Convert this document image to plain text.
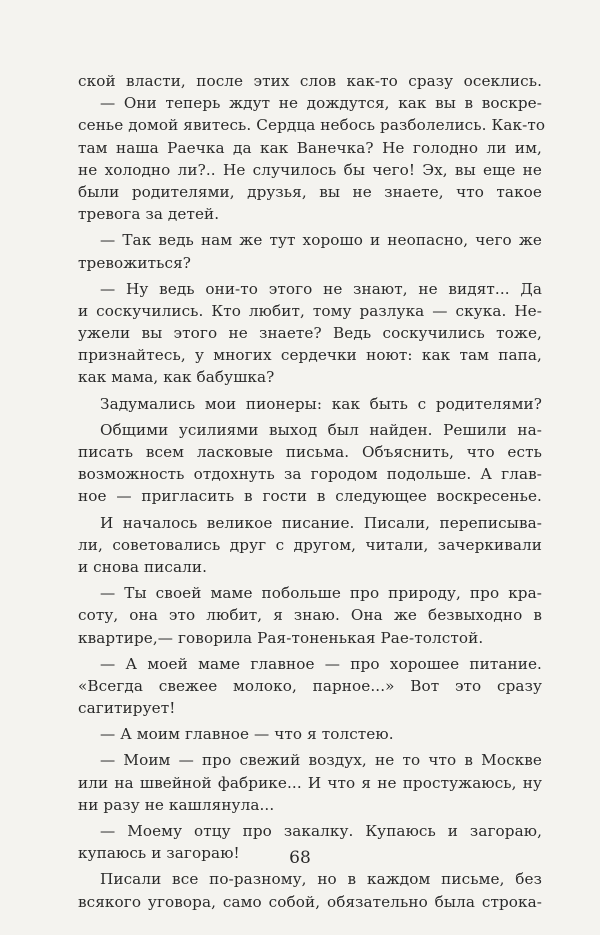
ской власти, после этих слов как-то сразу осеклись.
— Они теперь ждут не дождутся, как вы в воскре-
сенье домой явитесь. Сердца небось разболелись. Как-то
там наша Раечка да как Ванечка? Не голодно ли им,
не холодно ли?.. Не случилось бы чего! Эх, вы еще не
были родителями, друзья, вы не знаете, что такое
тревога за детей.
— Так ведь нам же тут хорошо и неопасно, чего же
тревожиться?
— Ну ведь они-то этого не знают, не видят... Да
и соскучились. Кто любит, тому разлука — скука. Не-
ужели вы этого не знаете? Ведь соскучились тоже,
признайтесь, у многих сердечки ноют: как там папа,
как мама, как бабушка?
Задумались мои пионеры: как быть с родителями?
Общими усилиями выход был найден. Решили на-
писать всем ласковые письма. Объяснить, что есть
возможность отдохнуть за городом подольше. А глав-
ное — пригласить в гости в следующее воскресенье.
И началось великое писание. Писали, переписыва-
ли, советовались друг с другом, читали, зачеркивали
и снова писали.
— Ты своей маме побольше про природу, про кра-
соту, она это любит, я знаю. Она же безвыходно в
квартире,— говорила Рая-тоненькая Рае-толстой.
— А моей маме главное — про хорошее питание.
«Всегда свежее молоко, парное...» Вот это сразу
сагитирует!
— А моим главное — что я толстею.
— Моим — про свежий воздух, не то что в Москве
или на швейной фабрике... И что я не простужаюсь, ну
ни разу не кашлянула...
— Моему отцу про закалку. Купаюсь и загораю,
купаюсь и загораю!
Писали все по-разному, но в каждом письме, без
всякого уговора, само собой, обязательно была строка-
68
